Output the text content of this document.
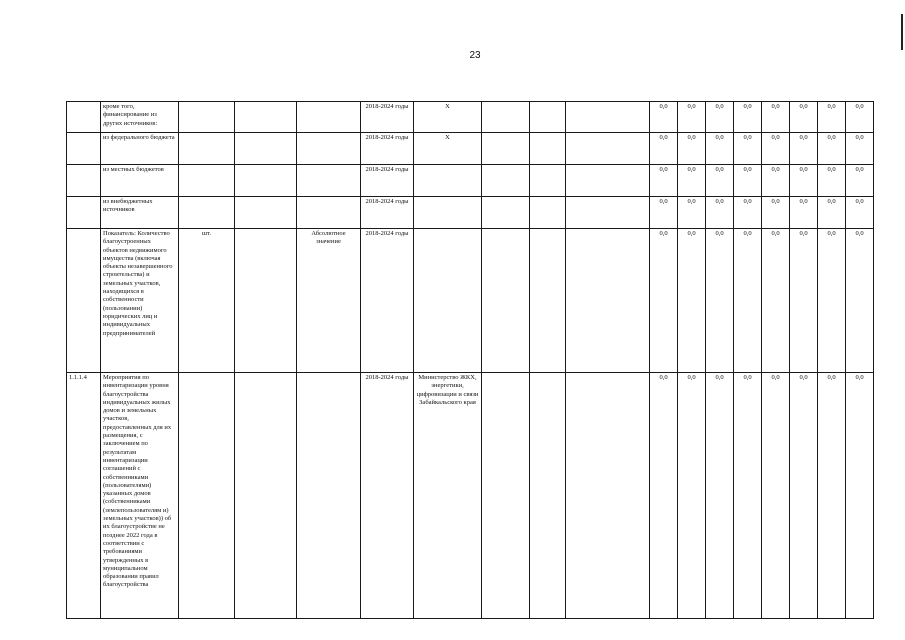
23
	кроме того, финансирование из других источников:				2018-2024 годы	Х				0,0	0,0	0,0	0,0	0,0	0,0	0,0	0,0
	из федерального бюджета				2018-2024 годы	Х				0,0	0,0	0,0	0,0	0,0	0,0	0,0	0,0
	из местных бюджетов				2018-2024 годы					0,0	0,0	0,0	0,0	0,0	0,0	0,0	0,0
	из внебюджетных источников				2018-2024 годы					0,0	0,0	0,0	0,0	0,0	0,0	0,0	0,0
	Показатель: Количество благоустроенных объектов недвижимого имущества (включая объекты незавершенного строительства) и земельных участков, находящихся в собственности (пользовании) юридических лиц и индивидуальных предпринимателей	шт.		Абсолютное значение	2018-2024 годы					0,0	0,0	0,0	0,0	0,0	0,0	0,0	0,0
1.1.1.4	Мероприятия по инвентаризации уровня благоустройства индивидуальных жилых домов и земельных участков, предоставленных для их размещения, с заключением по результатам инвентаризации соглашений с собственниками (пользователями) указанных домов (собственниками (землепользователям и) земельных участков)) об их благоустройстве не позднее 2022 года в соответствии с требованиями утвержденных в муниципальном образовании правил благоустройства				2018-2024 годы	Министерство ЖКХ, энергетики, цифровизации и связи Забайкальского края				0,0	0,0	0,0	0,0	0,0	0,0	0,0	0,0
